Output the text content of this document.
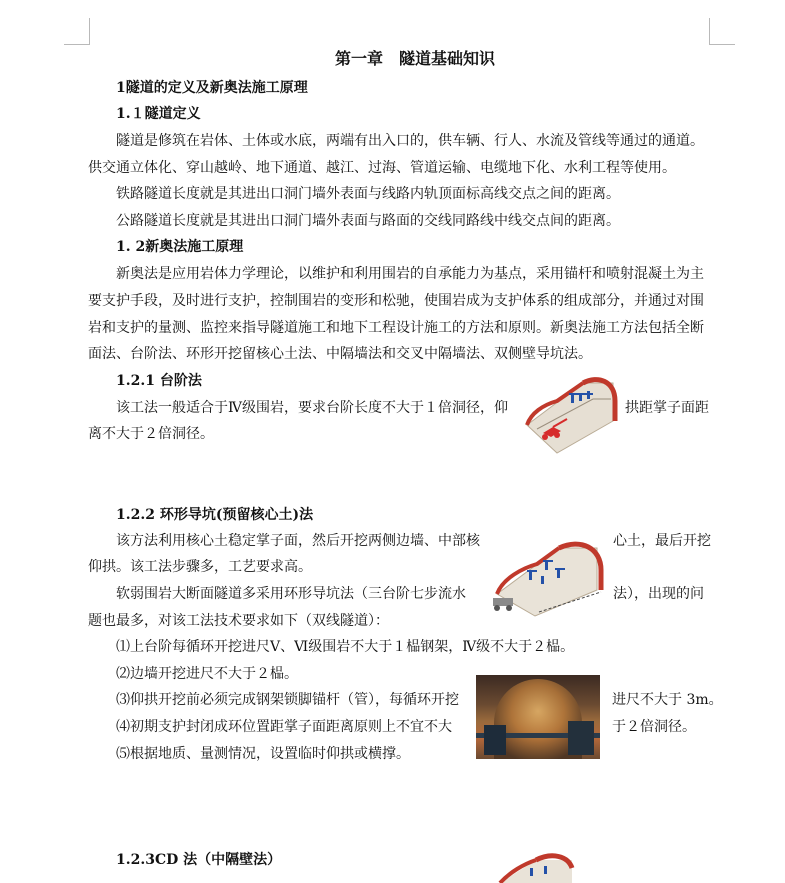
第一章　隧道基础知识
1隧道的定义及新奥法施工原理
1.１隧道定义
隧道是修筑在岩体、土体或水底，两端有出入口的，供车辆、行人、水流及管线等通过的通道。
供交通立体化、穿山越岭、地下通道、越江、过海、管道运输、电缆地下化、水利工程等使用。
铁路隧道长度就是其进出口洞门墙外表面与线路内轨顶面标高线交点之间的距离。
公路隧道长度就是其进出口洞门墙外表面与路面的交线同路线中线交点间的距离。
1. 2新奥法施工原理
新奥法是应用岩体力学理论，以维护和利用围岩的自承能力为基点，采用锚杆和喷射混凝土为主
要支护手段，及时进行支护，控制围岩的变形和松驰，使围岩成为支护体系的组成部分，并通过对围
岩和支护的量测、监控来指导隧道施工和地下工程设计施工的方法和原则。新奥法施工方法包括全断
面法、台阶法、环形开挖留核心土法、中隔墙法和交叉中隔墙法、双侧壁导坑法。
1.2.1 台阶法
该工法一般适合于Ⅳ级围岩，要求台阶长度不大于１倍洞径，仰	拱距掌子面距
离不大于２倍洞径。
1.2.2 环形导坑(预留核心土)法
该方法利用核心土稳定掌子面，然后开挖两侧边墙、中部核	心土，最后开挖
仰拱。该工法步骤多，工艺要求高。
软弱围岩大断面隧道多采用环形导坑法（三台阶七步流水	法），出现的问
题也最多，对该工法技术要求如下（双线隧道）：
⑴上台阶每循环开挖进尺Ⅴ、Ⅵ级围岩不大于１榀钢架，Ⅳ级不大于２榀。
⑵边墙开挖进尺不大于２榀。
⑶仰拱开挖前必须完成钢架锁脚锚杆（管），每循环开挖	进尺不大于 3m。
⑷初期支护封闭成环位置距掌子面距离原则上不宜不大	于２倍洞径。
⑸根据地质、量测情况，设置临时仰拱或横撑。
1.2.3CD 法（中隔壁法）
